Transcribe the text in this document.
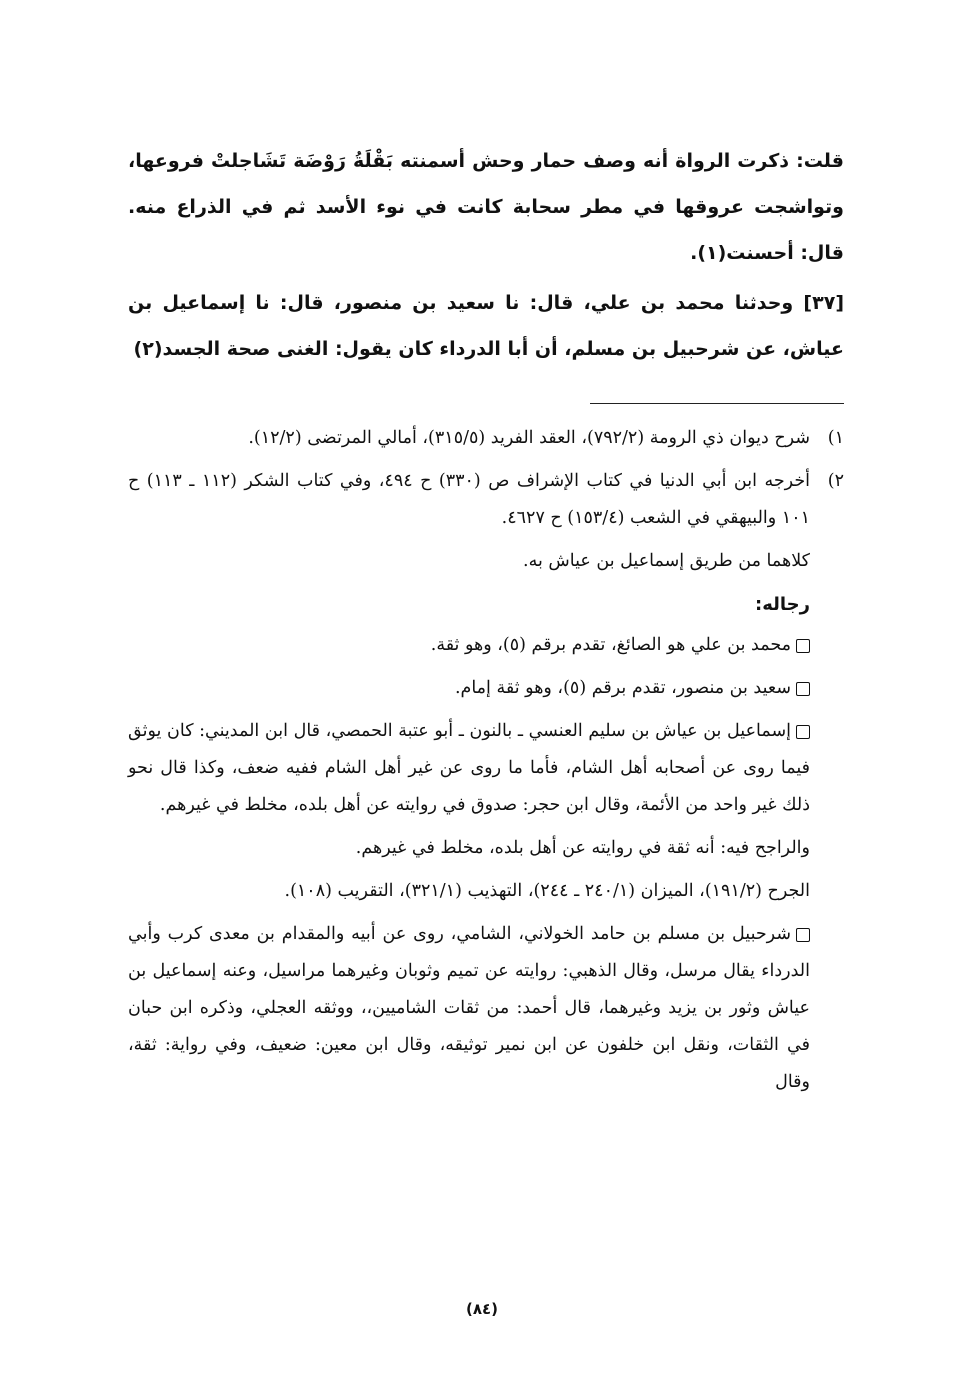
قلت: ذكرت الرواة أنه وصف حمار وحش أسمنته بَقْلَةُ رَوْضَة تَشَاجلتْ فروعها، وتواشجت عروقها في مطر سحابة كانت في نوء الأسد ثم في الذراع منه. قال: أحسنت(١).

[٣٧] وحدثنا محمد بن علي، قال: نا سعيد بن منصور، قال: نا إسماعيل بن عياش، عن شرحبيل بن مسلم، أن أبا الدرداء كان يقول: الغنى صحة الجسد(٢)

١)
شرح ديوان ذي الرومة (٧٩٢/٢)، العقد الفريد (٣١٥/٥)، أمالي المرتضى (١٢/٢).
٢)
أخرجه ابن أبي الدنيا في كتاب الإشراف ص (٣٣٠) ح ٤٩٤، وفي كتاب الشكر (١١٢ ـ ١١٣) ح ١٠١ والبيهقي في الشعب (١٥٣/٤) ح ٤٦٢٧.
كلاهما من طريق إسماعيل بن عياش به.
رجاله:
محمد بن علي هو الصائغ، تقدم برقم (٥)، وهو ثقة.
سعيد بن منصور، تقدم برقم (٥)، وهو ثقة إمام.
إسماعيل بن عياش بن سليم العنسي ـ بالنون ـ أبو عتبة الحمصي، قال ابن المديني: كان يوثق فيما روى عن أصحابه أهل الشام، فأما ما روى عن غير أهل الشام ففيه ضعف، وكذا قال نحو ذلك غير واحد من الأئمة، وقال ابن حجر: صدوق في روايته عن أهل بلده، مخلط في غيرهم.
والراجح فيه: أنه ثقة في روايته عن أهل بلده، مخلط في غيرهم.
الجرح (١٩١/٢)، الميزان (٢٤٠/١ ـ ٢٤٤)، التهذيب (٣٢١/١)، التقريب (١٠٨).
شرحبيل بن مسلم بن حامد الخولاني، الشامي، روى عن أبيه والمقدام بن معدى كرب وأبي الدرداء يقال مرسل، وقال الذهبي: روايته عن تميم وثوبان وغيرهما مراسيل، وعنه إسماعيل بن عياش وثور بن يزيد وغيرهما، قال أحمد: من ثقات الشاميين،، ووثقه العجلي، وذكره ابن حبان في الثقات، ونقل ابن خلفون عن ابن نمير توثيقه، وقال ابن معين: ضعيف، وفي رواية: ثقة، وقال
(٨٤)
